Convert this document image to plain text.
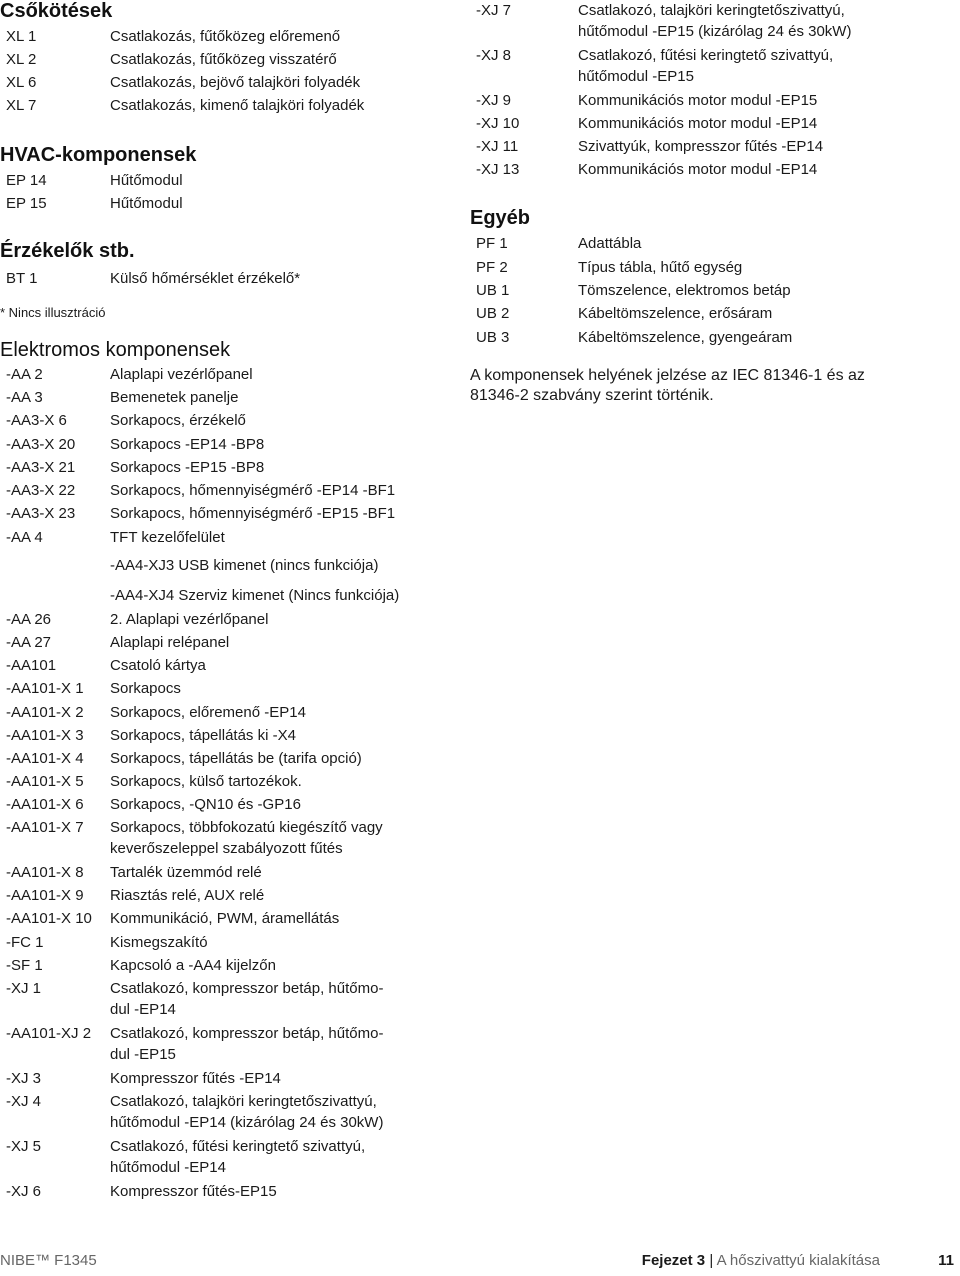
Csőkötések
XL 1	Csatlakozás, fűtőközeg előremenő
XL 2	Csatlakozás, fűtőközeg visszatérő
XL 6	Csatlakozás, bejövő talajköri folyadék
XL 7	Csatlakozás, kimenő talajköri folyadék
HVAC-komponensek
EP 14	Hűtőmodul
EP 15	Hűtőmodul
Érzékelők stb.
BT 1	Külső hőmérséklet érzékelő*
* Nincs illusztráció
Elektromos komponensek
-AA 2	Alaplapi vezérlőpanel
-AA 3	Bemenetek panelje
-AA3-X 6	Sorkapocs, érzékelő
-AA3-X 20 Sorkapocs -EP14 -BP8
-AA3-X 21 Sorkapocs -EP15 -BP8
-AA3-X 22 Sorkapocs, hőmennyiségmérő -EP14 -BF1
-AA3-X 23 Sorkapocs, hőmennyiségmérő -EP15 -BF1
-AA 4	TFT kezelőfelület
-AA4-XJ3 USB kimenet (nincs funkciója)
-AA4-XJ4 Szerviz kimenet (Nincs funkciója)
-AA 26	2. Alaplapi vezérlőpanel
-AA 27	Alaplapi relépanel
-AA101	Csatoló kártya
-AA101-X 1 Sorkapocs
-AA101-X 2 Sorkapocs, előremenő -EP14
-AA101-X 3 Sorkapocs, tápellátás ki -X4
-AA101-X 4 Sorkapocs, tápellátás be (tarifa opció)
-AA101-X 5 Sorkapocs, külső tartozékok.
-AA101-X 6 Sorkapocs, -QN10 és -GP16
-AA101-X 7 Sorkapocs, többfokozatú kiegészítő vagy
keverőszeleppel szabályozott fűtés
-AA101-X 8 Tartalék üzemmód relé
-AA101-X 9 Riasztás relé, AUX relé
-AA101-X 10 Kommunikáció, PWM, áramellátás
-FC 1	Kismegszakító
-SF 1	Kapcsoló a -AA4 kijelzőn
-XJ 1	Csatlakozó, kompresszor betáp, hűtőmo-
dul -EP14
-AA101-XJ 2 Csatlakozó, kompresszor betáp, hűtőmo-
dul -EP15
-XJ 3	Kompresszor fűtés -EP14
-XJ 4	Csatlakozó, talajköri keringtetőszivattyú,
hűtőmodul -EP14 (kizárólag 24 és 30kW)
-XJ 5	Csatlakozó, fűtési keringtető szivattyú,
hűtőmodul -EP14
-XJ 6	Kompresszor fűtés-EP15
-XJ 7	Csatlakozó, talajköri keringtetőszivattyú,
hűtőmodul -EP15 (kizárólag 24 és 30kW)
-XJ 8	Csatlakozó, fűtési keringtető szivattyú,
hűtőmodul -EP15
-XJ 9	Kommunikációs motor modul -EP15
-XJ 10	Kommunikációs motor modul -EP14
-XJ 11	Szivattyúk, kompresszor fűtés -EP14
-XJ 13	Kommunikációs motor modul -EP14
Egyéb
PF 1	Adattábla
PF 2	Típus tábla, hűtő egység
UB 1	Tömszelence, elektromos betáp
UB 2	Kábeltömszelence, erősáram
UB 3	Kábeltömszelence, gyengeáram
A komponensek helyének jelzése az IEC 81346-1 és az 81346-2 szabvány szerint történik.
NIBE™ F1345	Fejezet 3 | A hőszivattyú kialakítása	11
